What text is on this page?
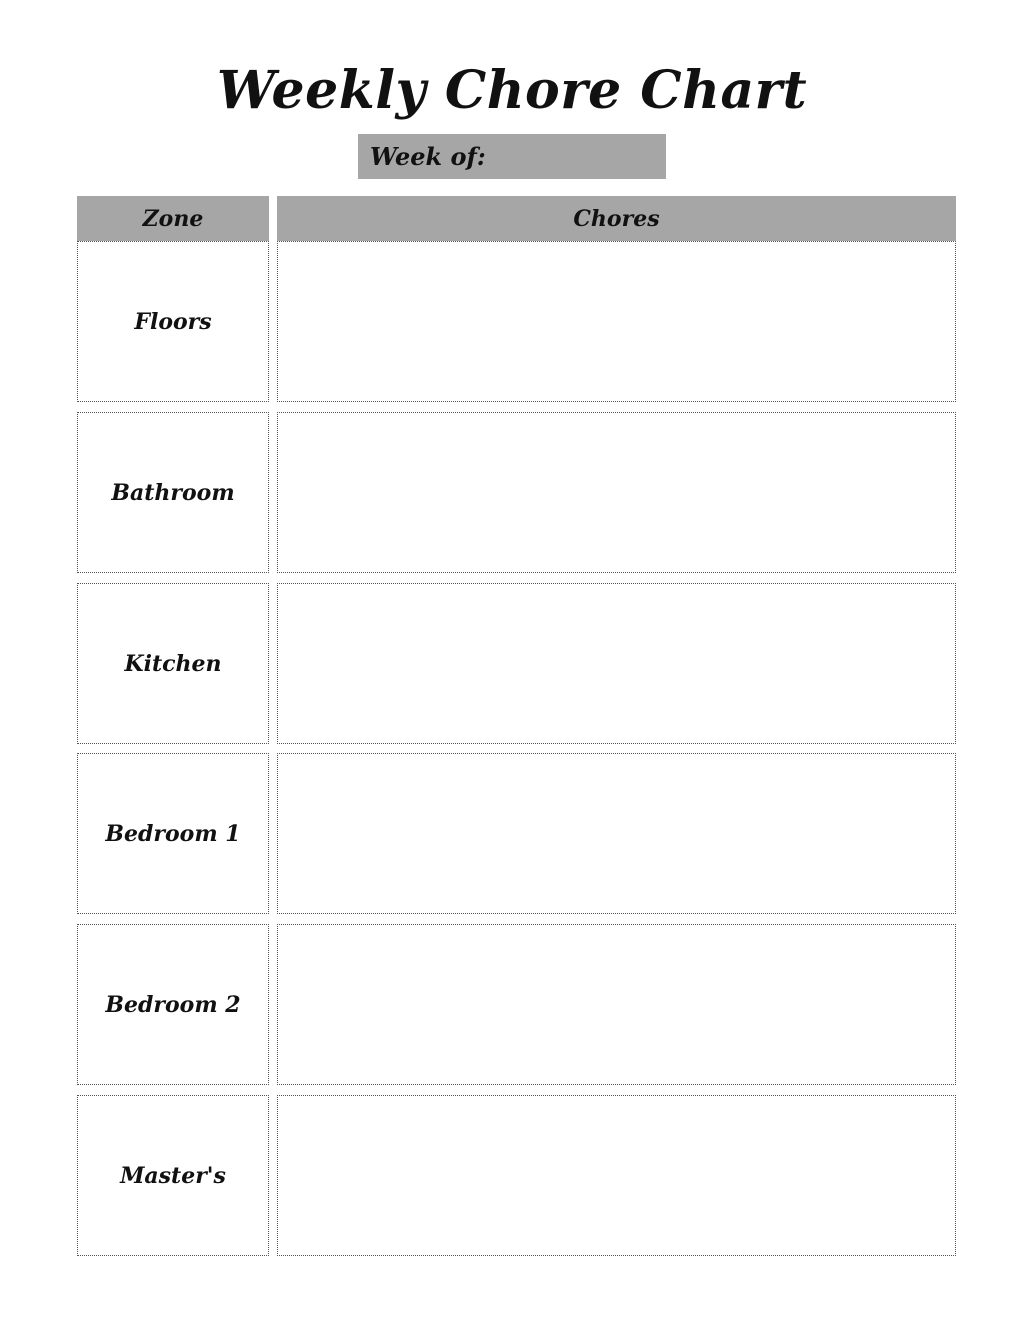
Weekly Chore Chart
Week of:
Zone	Chores
Floors
Bathroom
Kitchen
Bedroom 1
Bedroom 2
Master's
